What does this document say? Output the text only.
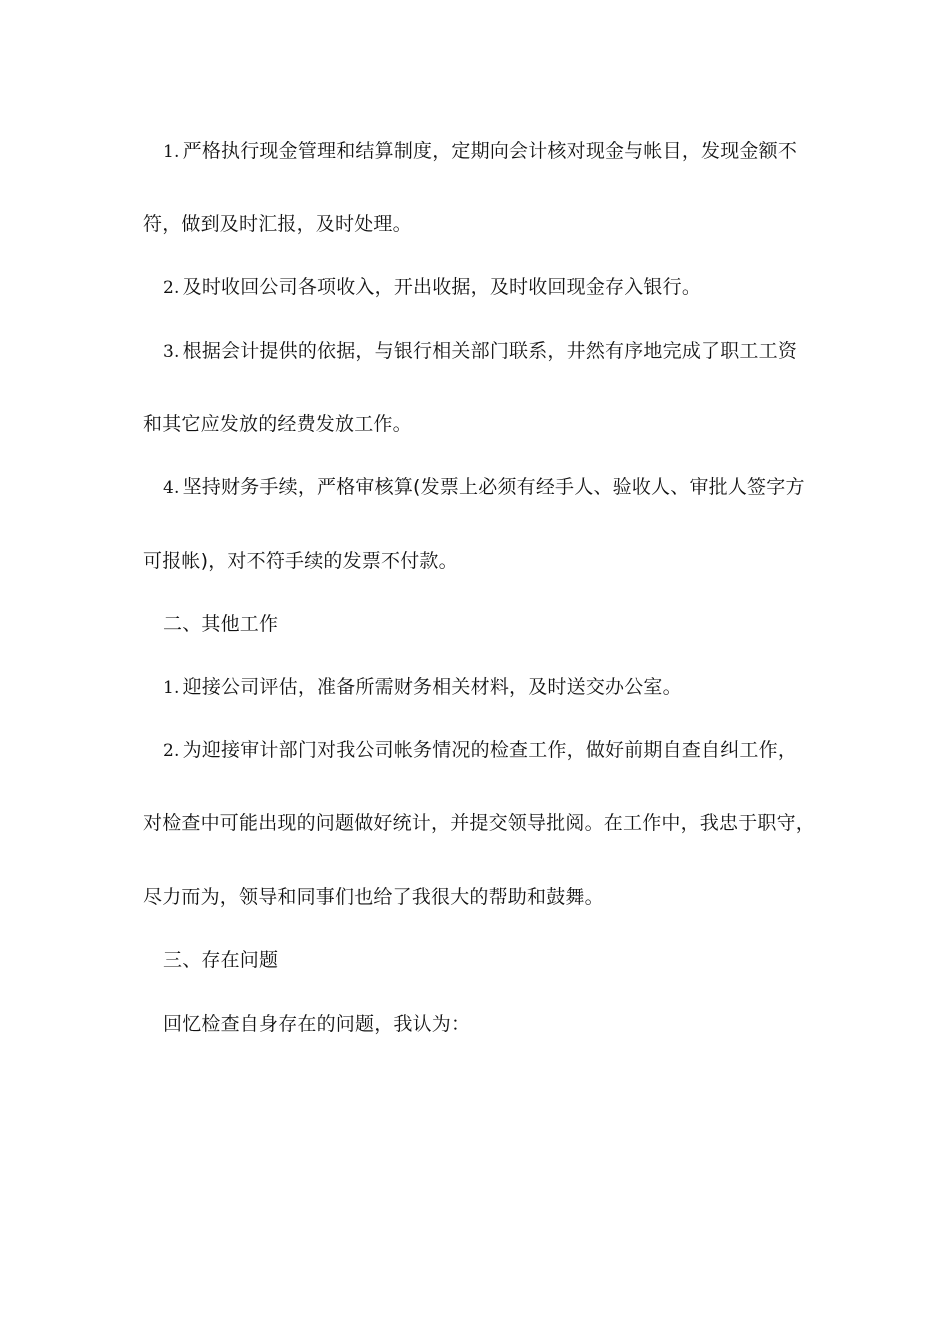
1. 严格执行现金管理和结算制度，定期向会计核对现金与帐目，发现金额不
符，做到及时汇报，及时处理。
2. 及时收回公司各项收入，开出收据，及时收回现金存入银行。
3. 根据会计提供的依据，与银行相关部门联系，井然有序地完成了职工工资
和其它应发放的经费发放工作。
4. 坚持财务手续，严格审核算(发票上必须有经手人、验收人、审批人签字方
可报帐)，对不符手续的发票不付款。
二、其他工作
1. 迎接公司评估，准备所需财务相关材料，及时送交办公室。
2. 为迎接审计部门对我公司帐务情况的检查工作，做好前期自查自纠工作，
对检查中可能出现的问题做好统计，并提交领导批阅。在工作中，我忠于职守，
尽力而为，领导和同事们也给了我很大的帮助和鼓舞。
三、存在问题
回忆检查自身存在的问题，我认为：
